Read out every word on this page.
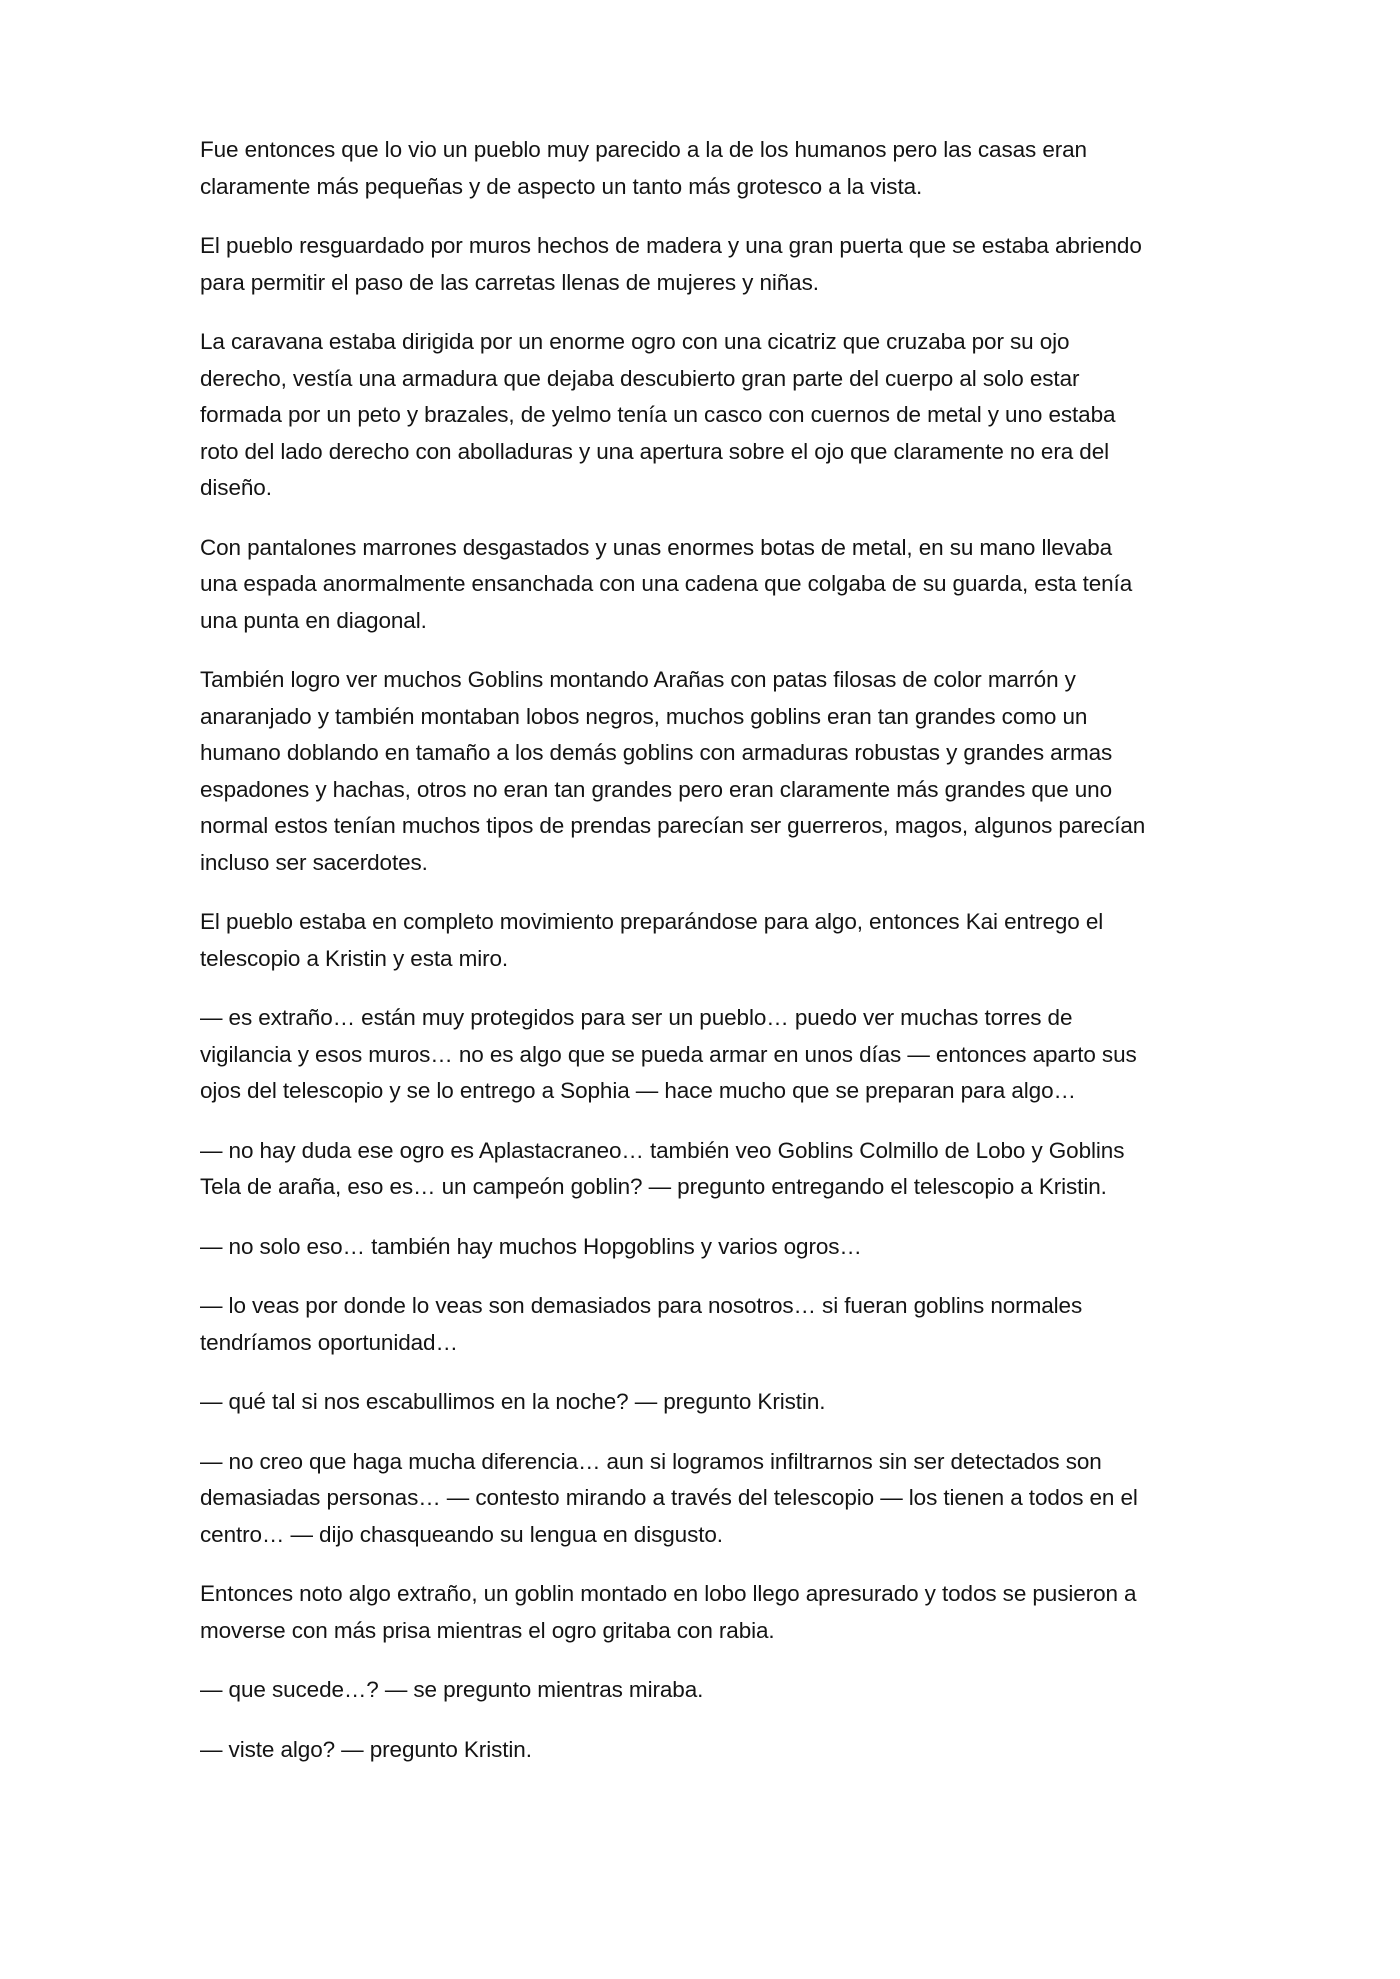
Fue entonces que lo vio un pueblo muy parecido a la de los humanos pero las casas eran
claramente más pequeñas y de aspecto un tanto más grotesco a la vista.

El pueblo resguardado por muros hechos de madera y una gran puerta que se estaba abriendo
para permitir el paso de las carretas llenas de mujeres y niñas.

La caravana estaba dirigida por un enorme ogro con una cicatriz que cruzaba por su ojo
derecho, vestía una armadura que dejaba descubierto gran parte del cuerpo al solo estar
formada por un peto y brazales, de yelmo tenía un casco con cuernos de metal y uno estaba
roto del lado derecho con abolladuras y una apertura sobre el ojo que claramente no era del
diseño.

Con pantalones marrones desgastados y unas enormes botas de metal, en su mano llevaba
una espada anormalmente ensanchada con una cadena que colgaba de su guarda, esta tenía
una punta en diagonal.

También logro ver muchos Goblins montando Arañas con patas filosas de color marrón y
anaranjado y también montaban lobos negros, muchos goblins eran tan grandes como un
humano doblando en tamaño a los demás goblins con armaduras robustas y grandes armas
espadones y hachas, otros no eran tan grandes pero eran claramente más grandes que uno
normal estos tenían muchos tipos de prendas parecían ser guerreros, magos, algunos parecían
incluso ser sacerdotes.

El pueblo estaba en completo movimiento preparándose para algo, entonces Kai entrego el
telescopio a Kristin y esta miro.

— es extraño… están muy protegidos para ser un pueblo… puedo ver muchas torres de
vigilancia y esos muros… no es algo que se pueda armar en unos días — entonces aparto sus
ojos del telescopio y se lo entrego a Sophia — hace mucho que se preparan para algo…

— no hay duda ese ogro es Aplastacraneo… también veo Goblins Colmillo de Lobo y Goblins
Tela de araña, eso es… un campeón goblin? — pregunto entregando el telescopio a Kristin.

— no solo eso… también hay muchos Hopgoblins y varios ogros…

— lo veas por donde lo veas son demasiados para nosotros… si fueran goblins normales
tendríamos oportunidad…

— qué tal si nos escabullimos en la noche? — pregunto Kristin.

— no creo que haga mucha diferencia… aun si logramos infiltrarnos sin ser detectados son
demasiadas personas… — contesto mirando a través del telescopio — los tienen a todos en el
centro… — dijo chasqueando su lengua en disgusto.

Entonces noto algo extraño, un goblin montado en lobo llego apresurado y todos se pusieron a
moverse con más prisa mientras el ogro gritaba con rabia.

— que sucede…? — se pregunto mientras miraba.

— viste algo? — pregunto Kristin.
